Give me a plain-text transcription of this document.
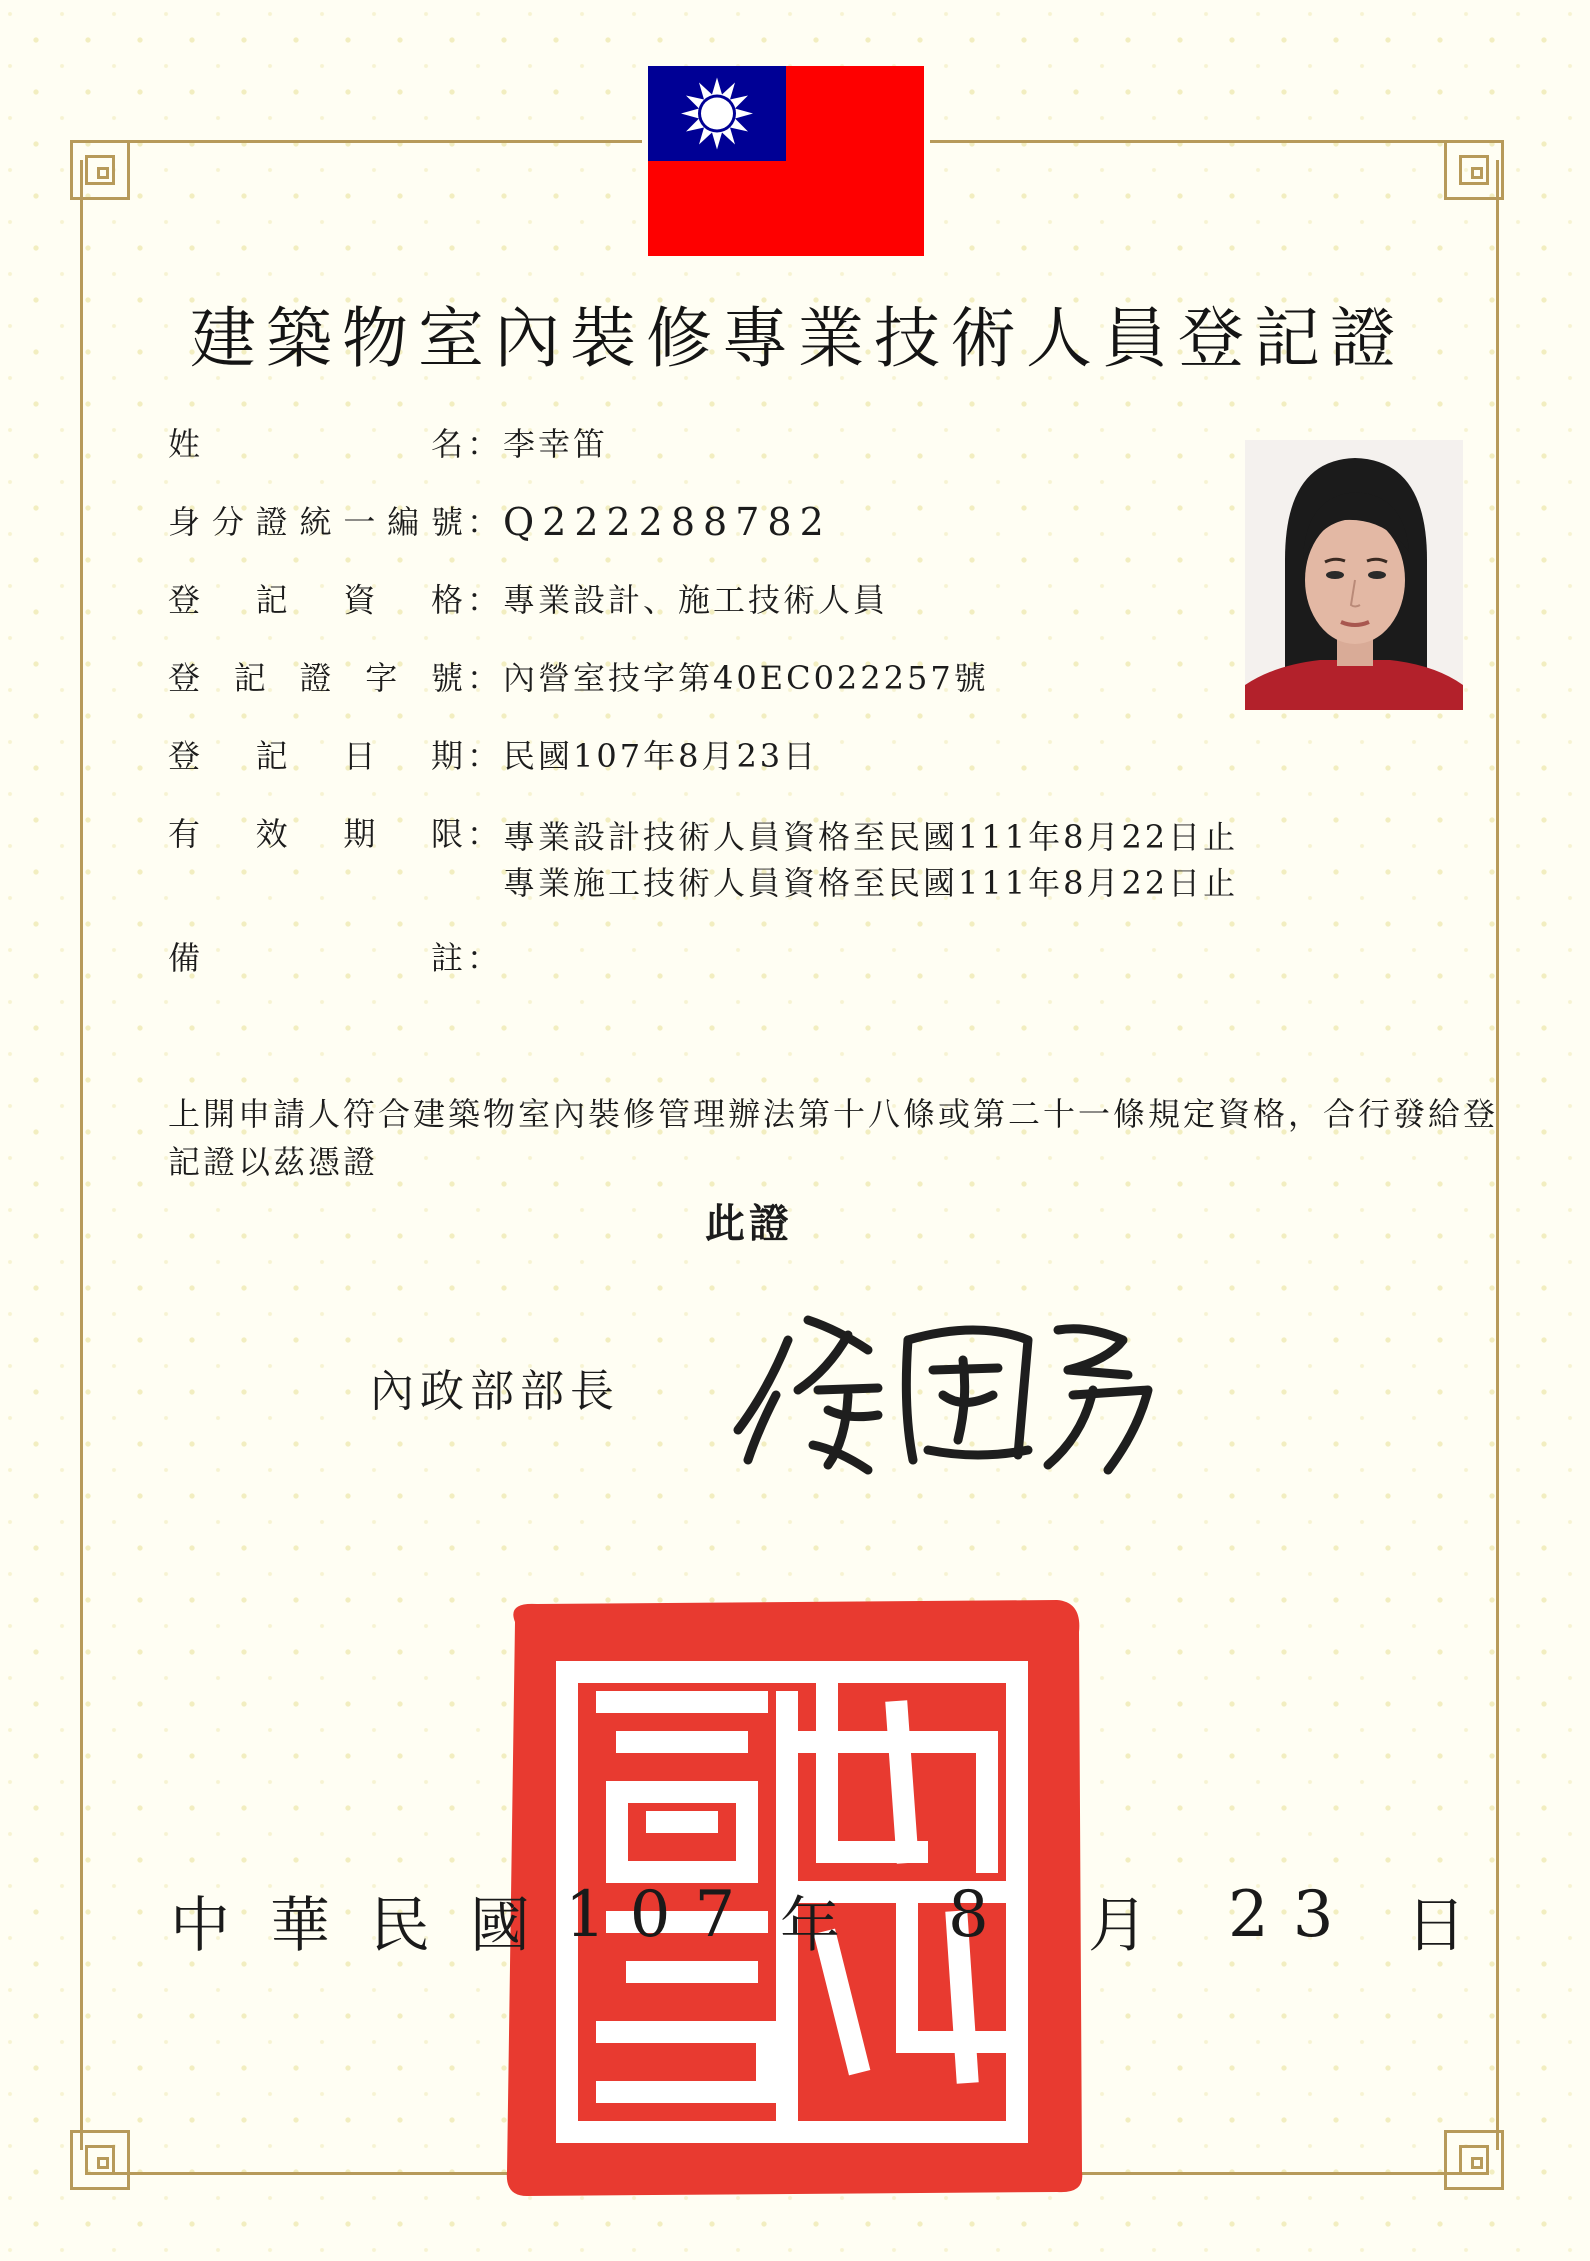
建築物室內裝修專業技術人員登記證
姓名 ： 李幸笛
身分證統一編號 ： Q222288782
登記資格 ： 專業設計、施工技術人員
登記證字號 ： 內營室技字第40EC022257號
登記日期 ： 民國107年8月23日
有效期限 ： 專業設計技術人員資格至民國111年8月22日止
專業施工技術人員資格至民國111年8月22日止
備註 ：
上開申請人符合建築物室內裝修管理辦法第十八條或第二十一條規定資格，合行發給登記證以茲憑證
此證
內政部部長
中華民國
107 年 8 月 23 日
